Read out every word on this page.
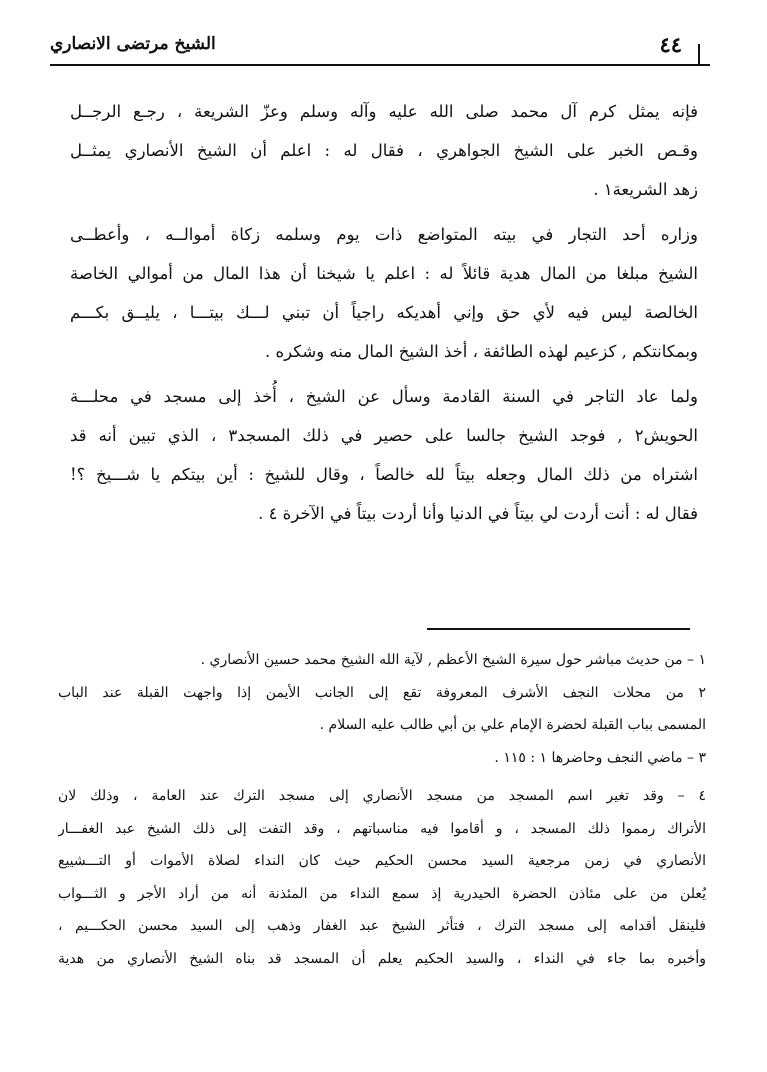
الشيخ مرتضى الانصاري	٤٤
فإنه يمثل كرم آل محمد صلى الله عليه وآله وسلم وعزّ الشريعة ، رجـع الرجــل
وقـص الخبر على الشيخ الجواهري ، فقال له : اعلم أن الشيخ الأنصاري يمثــل
زهد الشريعة١ .
وزاره أحد التجار في بيته المتواضع ذات يوم وسلمه زكاة أموالــه ، وأعطــى
الشيخ مبلغا من المال هدية قائلاً له : اعلم يا شيخنا أن هذا المال من أموالي الخاصة
الخالصة ليس فيه لأي حق وإني أهديكه راجياً أن تبني لـــك بيتـــا ، يليــق بكـــم
وبمكانتكم , كزعيم لهذه الطائفة ، أخذ الشيخ المال منه وشكره .
ولما عاد التاجر في السنة القادمة وسأل عن الشيخ ، أُخذ إلى مسجد في محلـــة
الحويش٢ , فوجد الشيخ جالسا على حصير في ذلك المسجد٣ ، الذي تبين أنه قد
اشتراه من ذلك المال وجعله بيتاً لله خالصاً ، وقال للشيخ : أين بيتكم يا شـــيخ ؟!
فقال له : أنت أردت لي بيتاً في الدنيا وأنا أردت بيتاً في الآخرة ٤ .
١ – من حديث مباشر حول سيرة الشيخ الأعظم , لآية الله الشيخ محمد حسين الأنصاري .
٢ من محلات النجف الأشرف المعروفة تقع إلى الجانب الأيمن إذا واجهت القبلة عند الباب
المسمى بباب القبلة لحضرة الإمام علي بن أبي طالب عليه السلام .
٣ – ماضي النجف وحاضرها ١ : ١١٥ .
٤ – وقد تغير اسم المسجد من مسجد الأنصاري إلى مسجد الترك عند العامة ، وذلك لان
الأتراك رمموا ذلك المسجد ، و أقاموا فيه مناسباتهم ، وقد التفت إلى ذلك الشيخ عبد الغفـــار
الأنصاري في زمن مرجعية السيد محسن الحكيم حيث كان النداء لصلاة الأموات أو التـــشييع
يُعلن من على مئاذن الحضرة الحيدرية إذ سمع النداء من المئذنة أنه من أراد الأجر و الثـــواب
فلينقل أقدامه إلى مسجد الترك ، فتأثر الشيخ عبد الغفار وذهب إلى السيد محسن الحكـــيم ،
وأخبره بما جاء في النداء ، والسيد الحكيم يعلم أن المسجد قد بناه الشيخ الأنصاري من هدية
